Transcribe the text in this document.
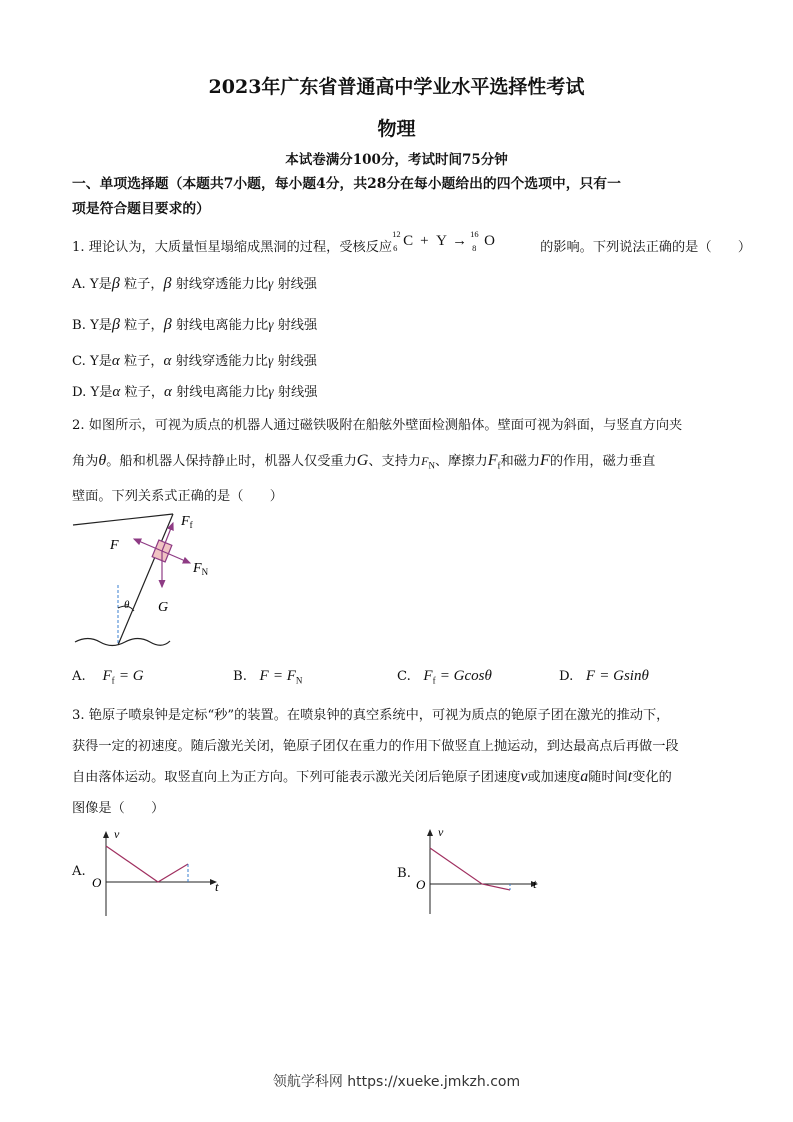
2023年广东省普通高中学业水平选择性考试
物理
本试卷满分100分，考试时间75分钟
一、单项选择题（本题共7小题，每小题4分，共28分在每小题给出的四个选项中，只有一
项是符合题目要求的）
1. 理论认为，大质量恒星塌缩成黑洞的过程，受核反应
12
6 C + Y → 16
8 O	的影响。下列说法正确的是（　　）
A. Y是β 粒子，β 射线穿透能力比γ 射线强
B. Y是β 粒子，β 射线电离能力比γ 射线强
C. Y是α 粒子，α 射线穿透能力比γ 射线强
D. Y是α 粒子，α 射线电离能力比γ 射线强
2. 如图所示，可视为质点的机器人通过磁铁吸附在船舷外壁面检测船体。壁面可视为斜面，与竖直方向夹
角为θ。船和机器人保持静止时，机器人仅受重力G、支持力$F_N$、摩擦力$F_f$和磁力F的作用，磁力垂直
壁面。下列关系式正确的是（　　）
$F_f$
F
$F_N$
G
θ
A. $F_f = G$	B. $F = F_N$	C. $F_f = Gcos\theta$	D. F = Gsinθ
3. 铯原子喷泉钟是定标“秒”的装置。在喷泉钟的真空系统中，可视为质点的铯原子团在激光的推动下，
获得一定的初速度。随后激光关闭，铯原子团仅在重力的作用下做竖直上抛运动，到达最高点后再做一段
自由落体运动。取竖直向上为正方向。下列可能表示激光关闭后铯原子团速度v或加速度a随时间t变化的
图像是（　　）
A.
v
t
O
B.
v
t
O
领航学科网 https://xueke.jmkzh.com
